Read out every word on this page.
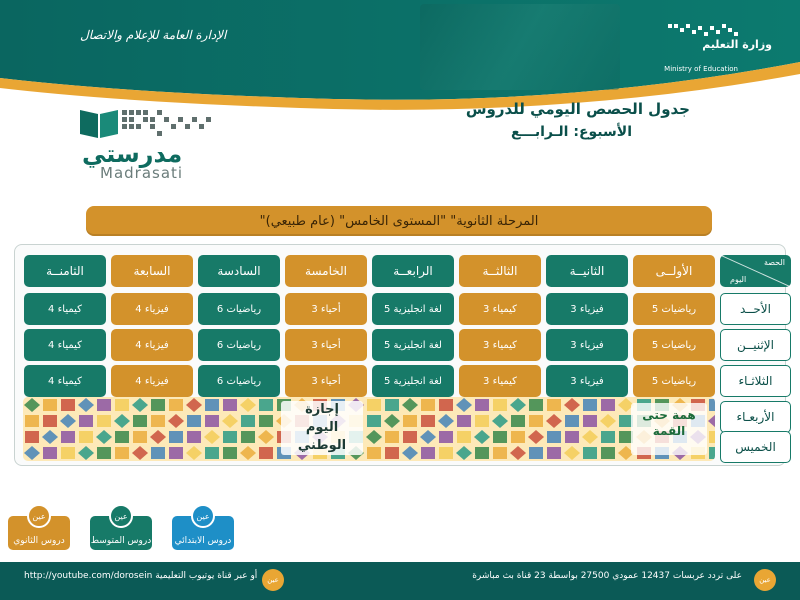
وزارة التعليم
Ministry of Education
الإدارة العامة للإعلام والاتصال
جدول الحصص اليومي للدروس
الأسبوع: الـرابـــع
مدرستي
Madrasati
"المرحلة الثانوية" "المستوى الخامس" (عام طبيعي)
الحصة
اليوم
الأولــى
الثانيــة
الثالثــة
الرابعــة
الخامسة
السادسة
السابعة
الثامنــة
الأحــد
الإثنيــن
الثلاثـاء
الأربعـاء
الخميس
رياضيات 5
فيزياء 3
كيمياء 3
لغة انجليزية 5
أحياء 3
رياضيات 6
فيزياء 4
كيمياء 4
رياضيات 5
فيزياء 3
كيمياء 3
لغة انجليزية 5
أحياء 3
رياضيات 6
فيزياء 4
كيمياء 4
رياضيات 5
فيزياء 3
كيمياء 3
لغة انجليزية 5
أحياء 3
رياضيات 6
فيزياء 4
كيمياء 4
إجازة
اليوم
الوطني
همة حتى القمة
عين
دروس الابتدائي
عين
دروس المتوسط
عين
دروس الثانوي
عين
http://youtube.com/dorosein أو عبر قناة يوتيوب التعليمية	على تردد عربسات 12437 عمودي 27500 بواسطة 23 قناة بث مباشرة	عين
